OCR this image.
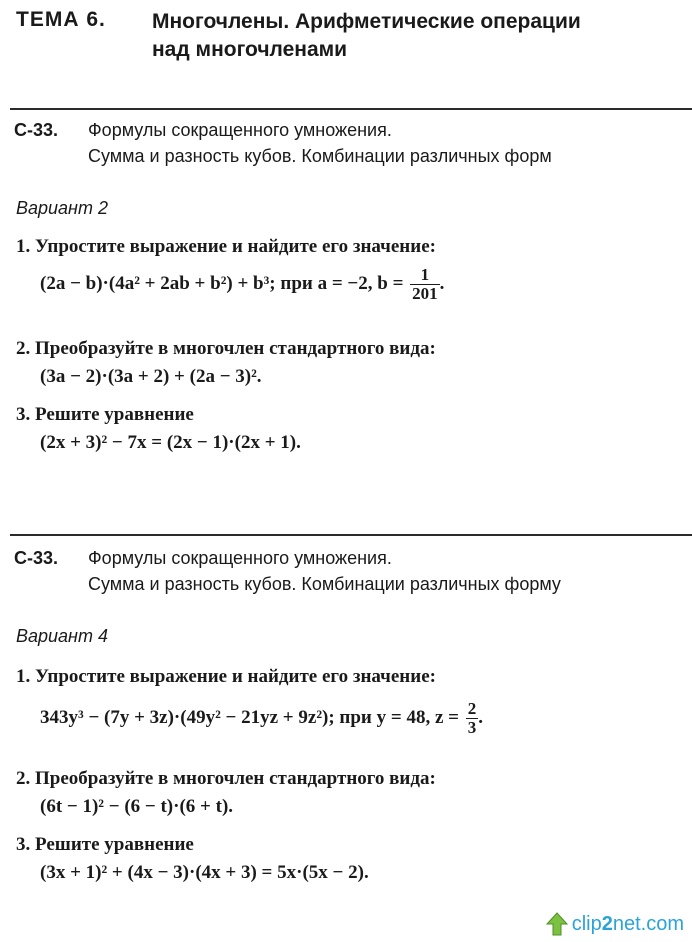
ТЕМА 6. Многочлены. Арифметические операции
над многочленами
С-33. Формулы сокращенного умножения.
Сумма и разность кубов. Комбинации различных форм
Вариант 2
1. Упростите выражение и найдите его значение:
(2a − b)·(4a² + 2ab + b²) + b³; при a = −2, $b = \frac{1}{201}$ .
2. Преобразуйте в многочлен стандартного вида:
(3a − 2)·(3a + 2) + (2a − 3)².
3. Решите уравнение
(2x + 3)² − 7x = (2x − 1)·(2x + 1).
С-33. Формулы сокращенного умножения.
Сумма и разность кубов. Комбинации различных форму
Вариант 4
1. Упростите выражение и найдите его значение:
343y³ − (7y + 3z)·(49y² − 21yz + 9z²); при y = 48, $z = \frac{2}{3}$ .
2. Преобразуйте в многочлен стандартного вида:
(6t − 1)² − (6 − t)·(6 + t).
3. Решите уравнение
(3x + 1)² + (4x − 3)·(4x + 3) = 5x·(5x − 2).
clip 2 net.com
